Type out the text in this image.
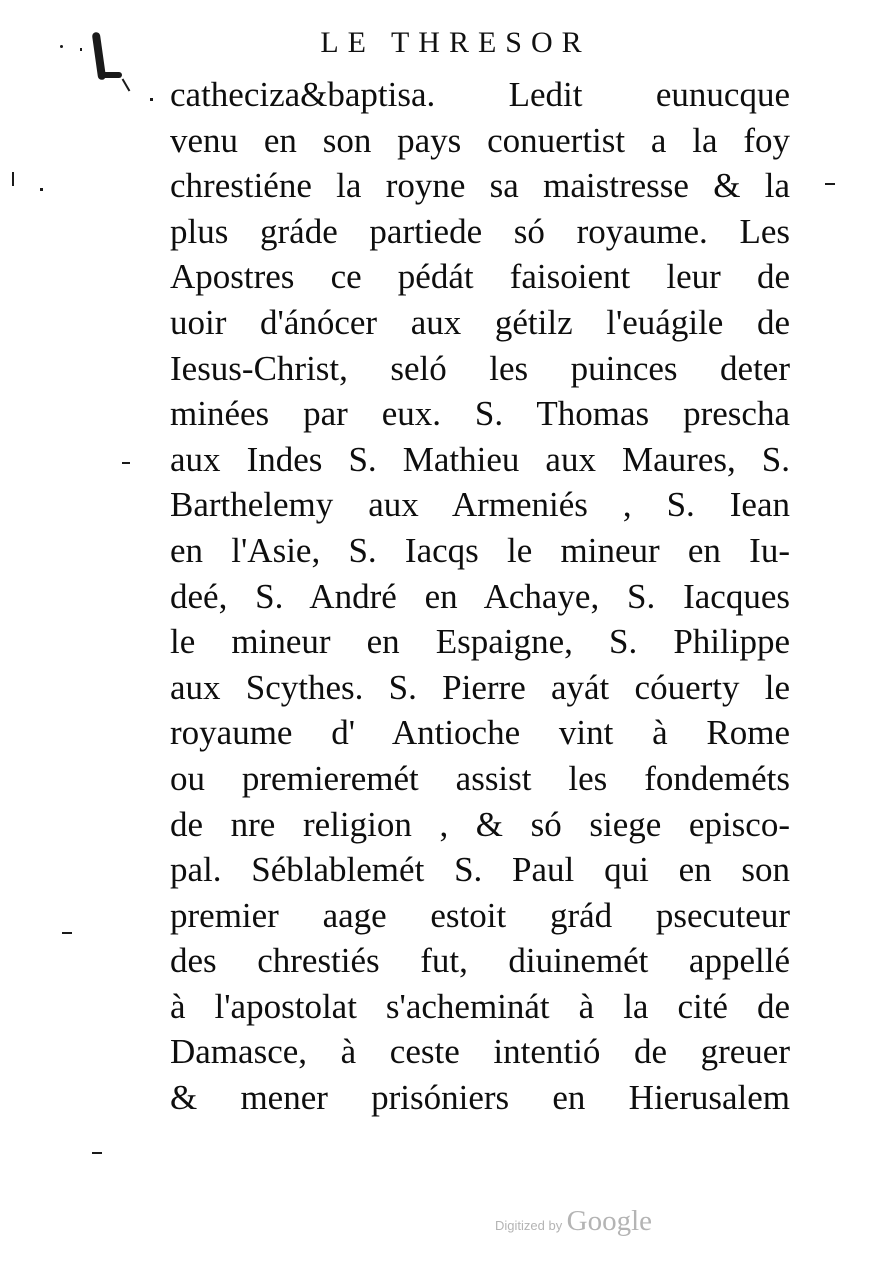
LE THRESOR
catheciza&baptisa. Ledit eunucque
venu en son pays conuertist a la foy
chrestiéne la royne sa maistresse & la
plus gráde partiede só royaume. Les
Apostres ce pédát faisoient leur de
uoir d'ánócer aux gétilz l'euágile de
Iesus-Christ, seló les puinces deter
minées par eux. S. Thomas prescha
aux Indes S. Mathieu aux Maures, S.
Barthelemy aux Armeniés , S. Iean
en l'Asie, S. Iacqs le mineur en Iu-
deé, S. André en Achaye, S. Iacques
le mineur en Espaigne, S. Philippe
aux Scythes. S. Pierre ayát cóuerty le
royaume d' Antioche vint à Rome
ou premieremét assist les fondeméts
de nre religion , & só siege episco-
pal. Séblablemét S. Paul qui en son
premier aage estoit grád psecuteur
des chrestiés fut, diuinemét appellé
à l'apostolat s'acheminát à la cité de
Damasce, à ceste intentió de greuer
& mener prisóniers en Hierusalem
Digitized by Google
